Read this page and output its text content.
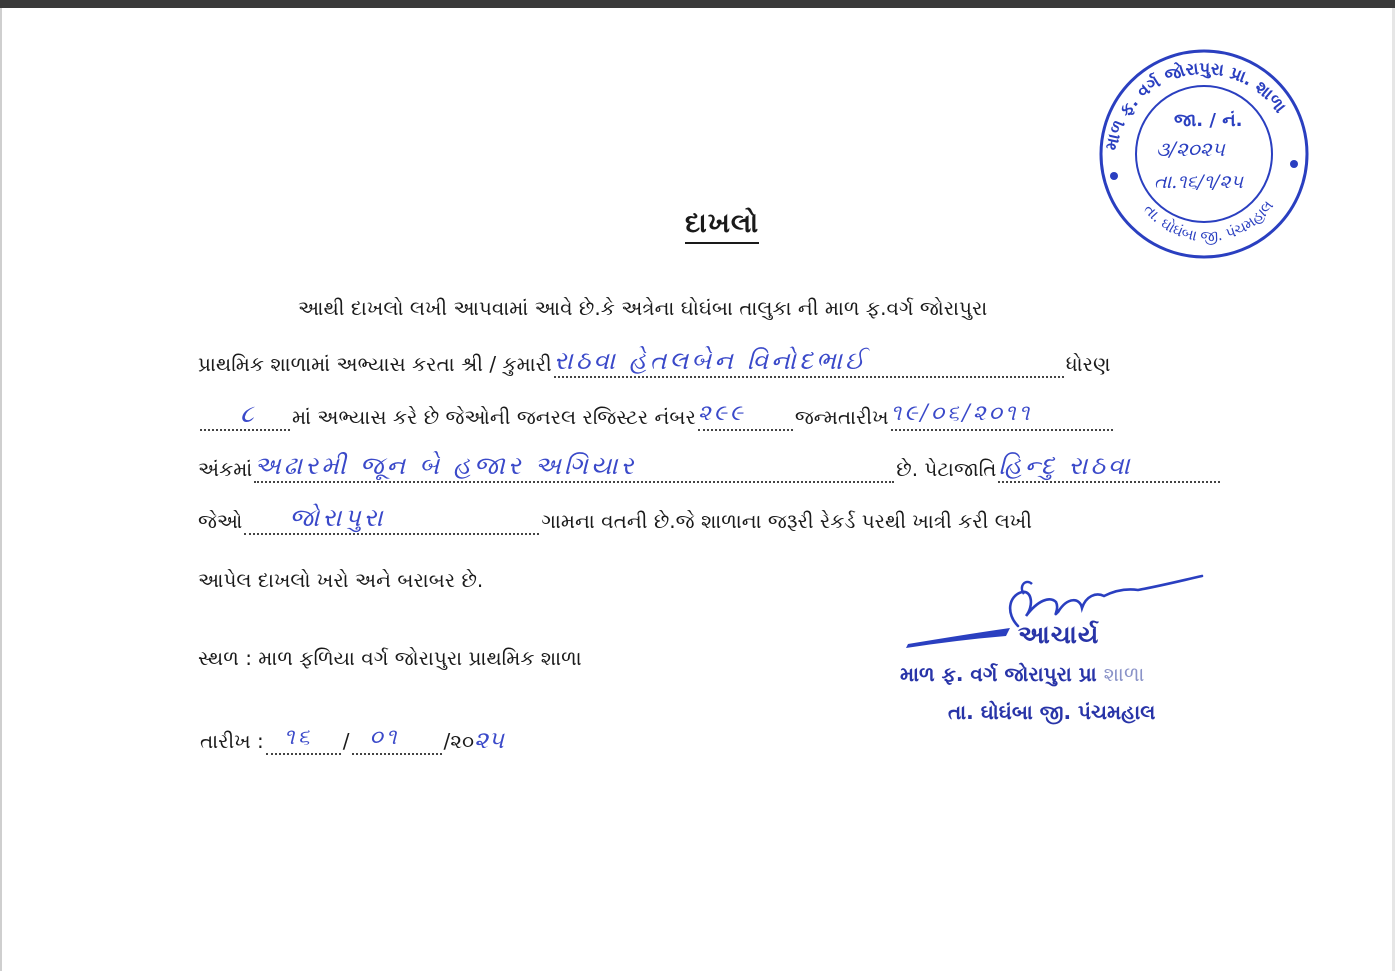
માળ ફ. વર્ગ જોરાપુરા પ્રા. શાળા
તા. ઘોઘંબા જી. પંચમહાલ
જા. / નં.
૩/૨૦૨૫
તા.૧૬/૧/૨૫
દાખલો
આથી દાખલો લખી આપવામાં આવે છે.કે અત્રેના ઘોઘંબા તાલુકા ની માળ ફ.વર્ગ જોરાપુરા
પ્રાથમિક શાળામાં અભ્યાસ કરતા શ્રી / કુમારી રાઠવા હેતલબેન વિનોદભાઈ	ધોરણ
૮ માં અભ્યાસ કરે છે જેઓની જનરલ રજિસ્ટર નંબર ૨૯૯ જન્મતારીખ ૧૯/૦૬/૨૦૧૧
અંકમાં અઢારમી જૂન બે હજાર અગિયાર	છે. પેટાજાતિ હિન્દુ રાઠવા
જેઓ જોરાપુરા	ગામના વતની છે.જે શાળાના જરૂરી રેકર્ડ પરથી ખાત્રી કરી લખી
આપેલ દાખલો ખરો અને બરાબર છે.
સ્થળ : માળ ફળિયા વર્ગ જોરાપુરા પ્રાથમિક શાળા
તારીખ : ૧૬ / ૦૧ /૨૦૨૫
આચાર્ય
માળ ફ. વર્ગ જોરાપુરા પ્રા શાળા
તા. ઘોઘંબા જી. પંચમહાલ
